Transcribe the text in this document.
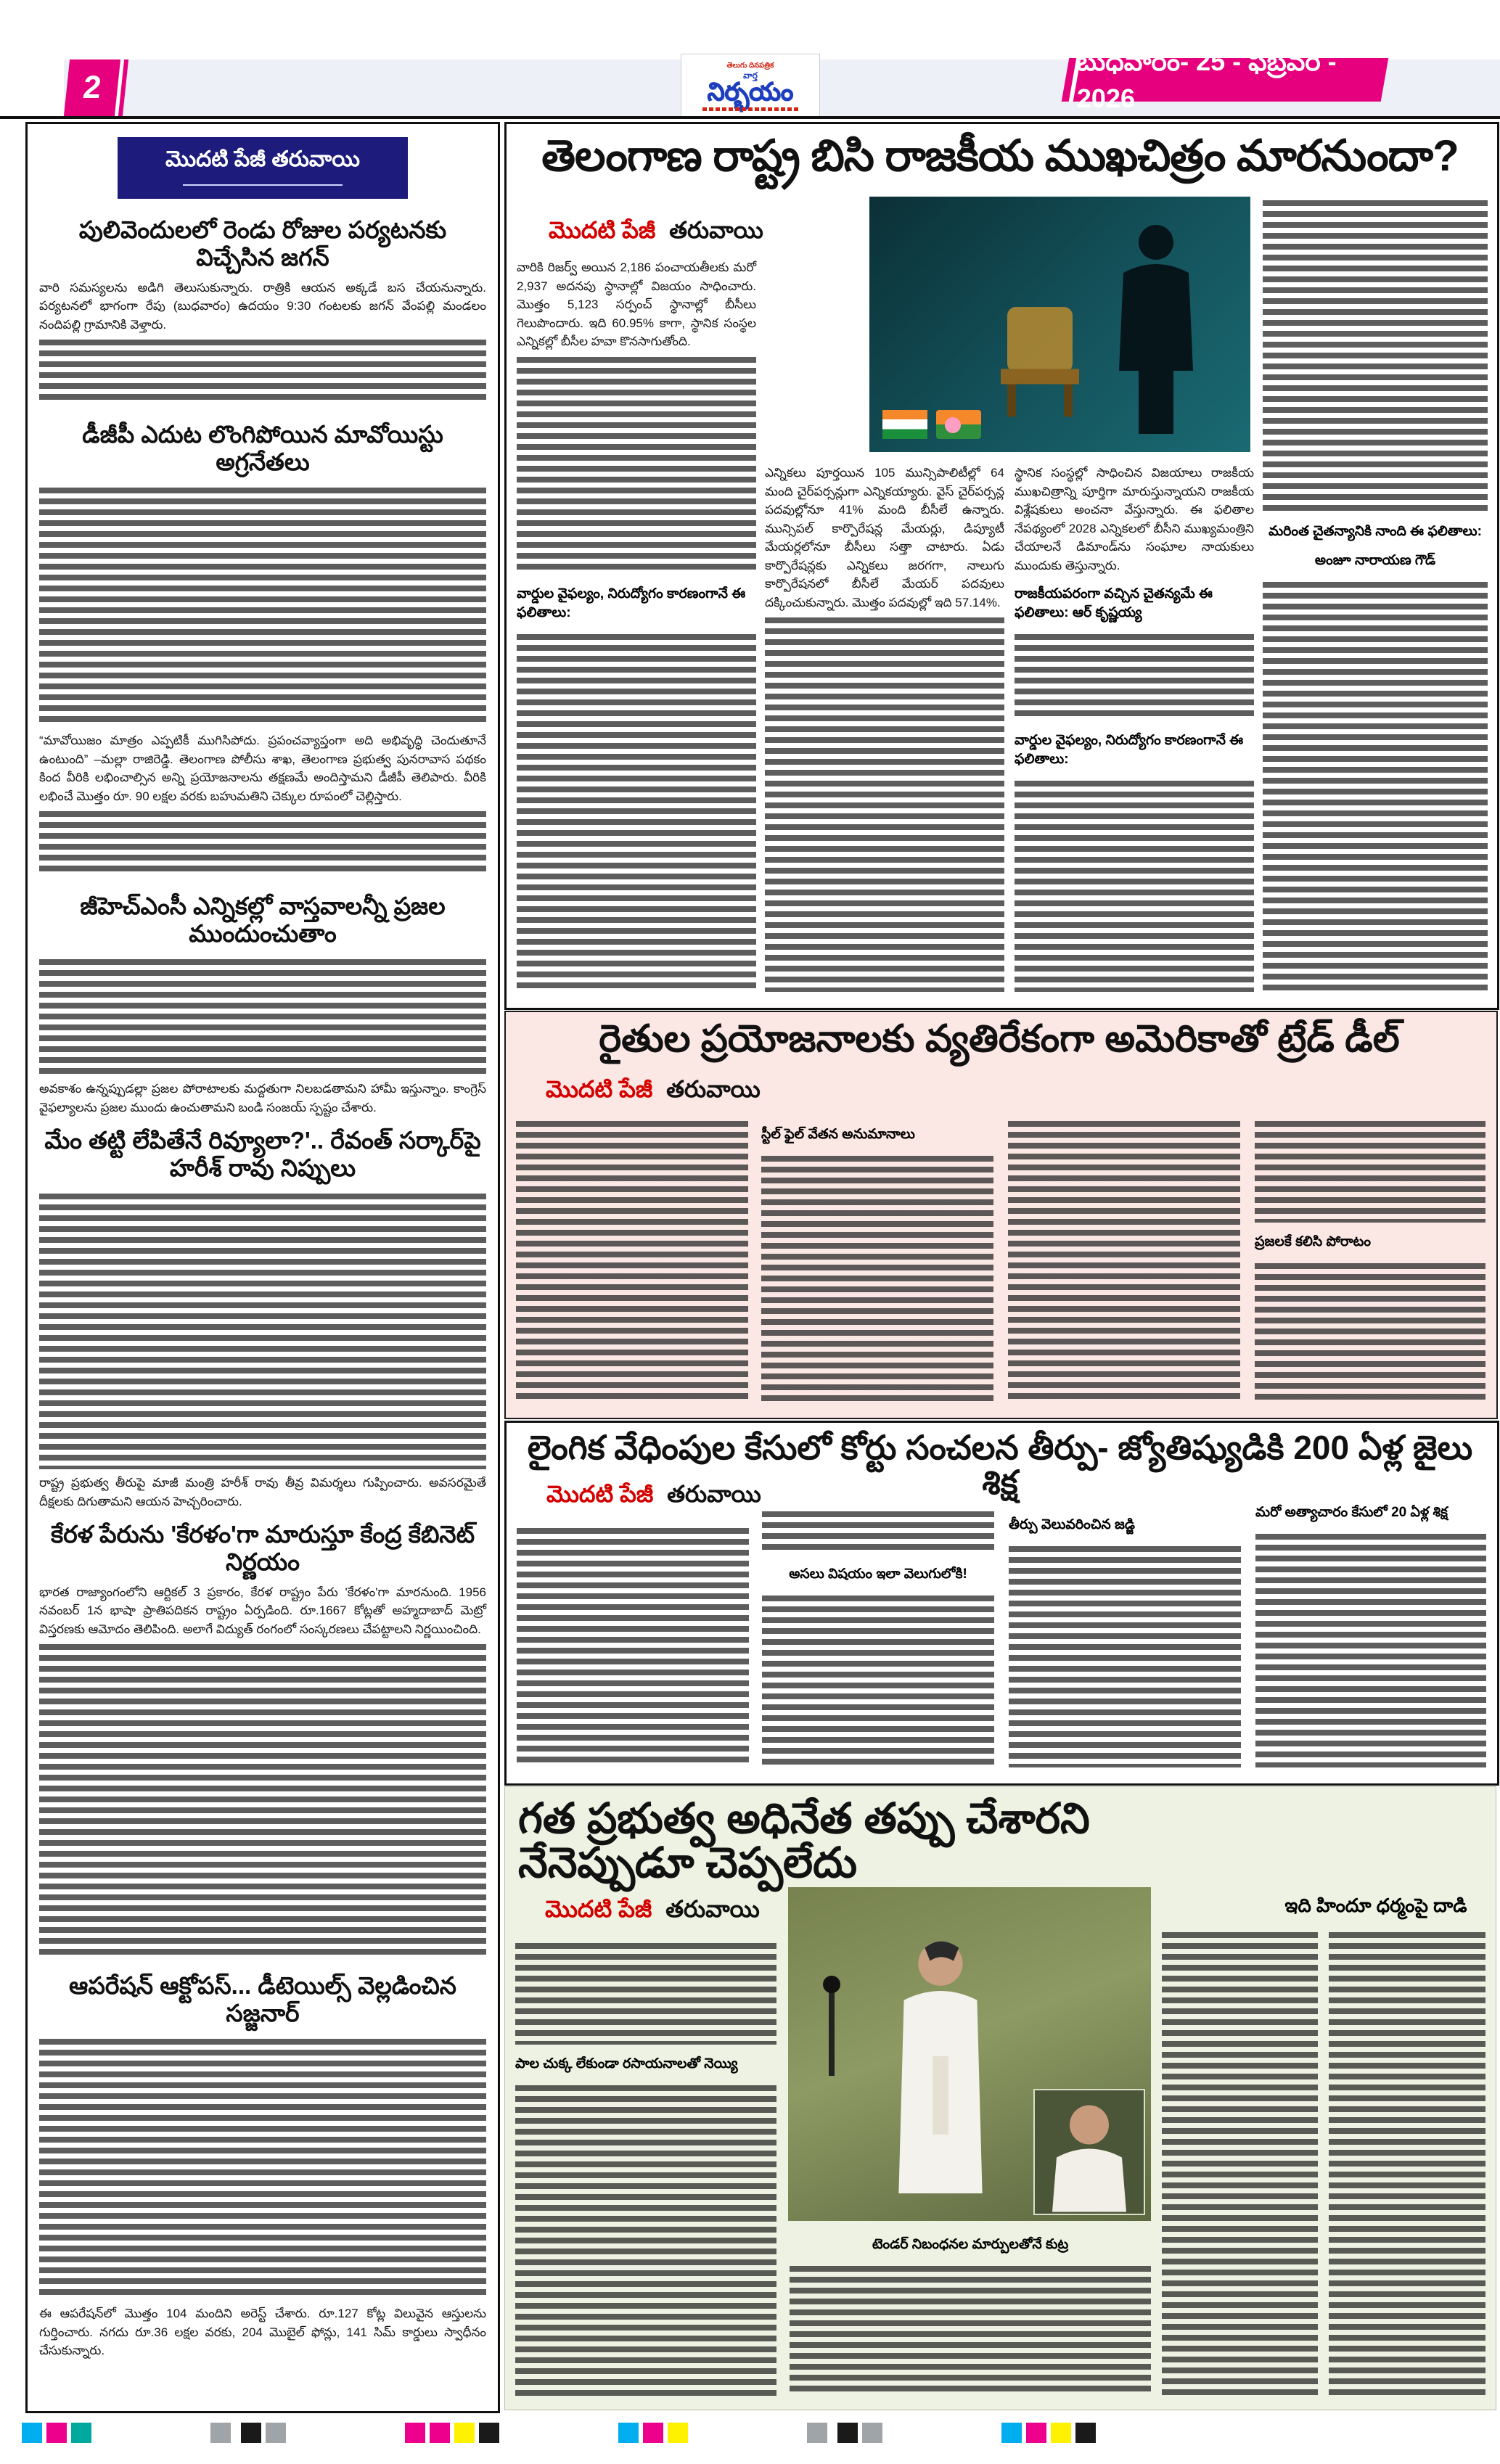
2
తెలుగు దినపత్రిక
వార్త
నిర్భయం
బుధవారం- 25 - ఫిబ్రవరి - 2026
మొదటి పేజీ తరువాయి
పులివెందులలో రెండు రోజుల పర్యటనకు విచ్చేసిన జగన్
వారి సమస్యలను అడిగి తెలుసుకున్నారు. రాత్రికి ఆయన అక్కడే బస చేయనున్నారు. పర్యటనలో భాగంగా రేపు (బుధవారం) ఉదయం 9:30 గంటలకు జగన్ వేంపల్లి మండలం నందిపల్లి గ్రామానికి వెళ్తారు.
డీజీపీ ఎదుట లొంగిపోయిన మావోయిస్టు అగ్రనేతలు
“మావోయిజం మాత్రం ఎప్పటికీ ముగిసిపోదు. ప్రపంచవ్యాప్తంగా అది అభివృద్ధి చెందుతూనే ఉంటుంది” –మల్లా రాజిరెడ్డి. తెలంగాణ పోలీసు శాఖ, తెలంగాణ ప్రభుత్వ పునరావాస పథకం కింద వీరికి లభించాల్సిన అన్ని ప్రయోజనాలను తక్షణమే అందిస్తామని డీజీపీ తెలిపారు. వీరికి లభించే మొత్తం రూ. 90 లక్షల వరకు బహుమతిని చెక్కుల రూపంలో చెల్లిస్తారు.
జీహెచ్ఎంసీ ఎన్నికల్లో వాస్తవాలన్నీ ప్రజల ముందుంచుతాం
అవకాశం ఉన్నప్పుడల్లా ప్రజల పోరాటాలకు మద్దతుగా నిలబడతామని హామీ ఇస్తున్నాం. కాంగ్రెస్ వైఫల్యాలను ప్రజల ముందు ఉంచుతామని బండి సంజయ్ స్పష్టం చేశారు.
మేం తట్టి లేపితేనే రివ్యూలా?'.. రేవంత్ సర్కార్‌పై హరీశ్ రావు నిప్పులు
రాష్ట్ర ప్రభుత్వ తీరుపై మాజీ మంత్రి హరీశ్ రావు తీవ్ర విమర్శలు గుప్పించారు. అవసరమైతే దీక్షలకు దిగుతామని ఆయన హెచ్చరించారు.
కేరళ పేరును 'కేరళం'గా మారుస్తూ కేంద్ర కేబినెట్ నిర్ణయం
భారత రాజ్యాంగంలోని ఆర్టికల్ 3 ప్రకారం, కేరళ రాష్ట్రం పేరు 'కేరళం'గా మారనుంది. 1956 నవంబర్ 1న భాషా ప్రాతిపదికన రాష్ట్రం ఏర్పడింది. రూ.1667 కోట్లతో అహ్మదాబాద్ మెట్రో విస్తరణకు ఆమోదం తెలిపింది. అలాగే విద్యుత్ రంగంలో సంస్కరణలు చేపట్టాలని నిర్ణయించింది.
ఆపరేషన్ ఆక్టోపస్... డీటెయిల్స్ వెల్లడించిన సజ్జనార్
ఈ ఆపరేషన్‌లో మొత్తం 104 మందిని అరెస్ట్ చేశారు. రూ.127 కోట్ల విలువైన ఆస్తులను గుర్తించారు. నగదు రూ.36 లక్షల వరకు, 204 మొబైల్ ఫోన్లు, 141 సిమ్ కార్డులు స్వాధీనం చేసుకున్నారు.
తెలంగాణ రాష్ట్ర బిసి రాజకీయ ముఖచిత్రం మారనుందా?
మొదటి పేజీ తరువాయి
వారికి రిజర్వ్ అయిన 2,186 పంచాయతీలకు మరో 2,937 అదనపు స్థానాల్లో విజయం సాధించారు. మొత్తం 5,123 సర్పంచ్ స్థానాల్లో బీసీలు గెలుపొందారు. ఇది 60.95% కాగా, స్థానిక సంస్థల ఎన్నికల్లో బీసీల హవా కొనసాగుతోంది.
వార్డుల వైఫల్యం, నిరుద్యోగం కారణంగానే ఈ ఫలితాలు:
ఎన్నికలు పూర్తయిన 105 మున్సిపాలిటీల్లో 64 మంది చైర్‌పర్సన్లుగా ఎన్నికయ్యారు. వైస్ చైర్‌పర్సన్ల పదవుల్లోనూ 41% మంది బీసీలే ఉన్నారు. మున్సిపల్ కార్పొరేషన్ల మేయర్లు, డిప్యూటీ మేయర్లలోనూ బీసీలు సత్తా చాటారు. ఏడు కార్పొరేషన్లకు ఎన్నికలు జరగగా, నాలుగు కార్పొరేషనలో బీసీలే మేయర్ పదవులు దక్కించుకున్నారు. మొత్తం పదవుల్లో ఇది 57.14%.
స్థానిక సంస్థల్లో సాధించిన విజయాలు రాజకీయ ముఖచిత్రాన్ని పూర్తిగా మారుస్తున్నాయని రాజకీయ విశ్లేషకులు అంచనా వేస్తున్నారు. ఈ ఫలితాల నేపథ్యంలో 2028 ఎన్నికలలో బీసీని ముఖ్యమంత్రిని చేయాలనే డిమాండ్‌ను సంఘాల నాయకులు ముందుకు తెస్తున్నారు.
రాజకీయపరంగా వచ్చిన చైతన్యమే ఈ ఫలితాలు: ఆర్ కృష్ణయ్య
వార్డుల వైఫల్యం, నిరుద్యోగం కారణంగానే ఈ ఫలితాలు:
మరింత చైతన్యానికి నాంది ఈ ఫలితాలు:
అంజూ నారాయణ గౌడ్
రైతుల ప్రయోజనాలకు వ్యతిరేకంగా అమెరికాతో ట్రేడ్ డీల్
మొదటి పేజీ తరువాయి
స్టీల్ ఫైల్ వేతన అనుమానాలు
ప్రజలకే కలిసి పోరాటం
లైంగిక వేధింపుల కేసులో కోర్టు సంచలన తీర్పు- జ్యోతిష్యుడికి 200 ఏళ్ల జైలు శిక్ష
మొదటి పేజీ తరువాయి
అసలు విషయం ఇలా వెలుగులోకి!
తీర్పు వెలువరించిన జడ్జి
మరో అత్యాచారం కేసులో 20 ఏళ్ల శిక్ష
గత ప్రభుత్వ అధినేత తప్పు చేశారని నేనెప్పుడూ చెప్పలేదు
మొదటి పేజీ తరువాయి	ఇది హిందూ ధర్మంపై దాడి
పాల చుక్క లేకుండా రసాయనాలతో నెయ్యి
టెండర్ నిబంధనల మార్పులతోనే కుట్ర
